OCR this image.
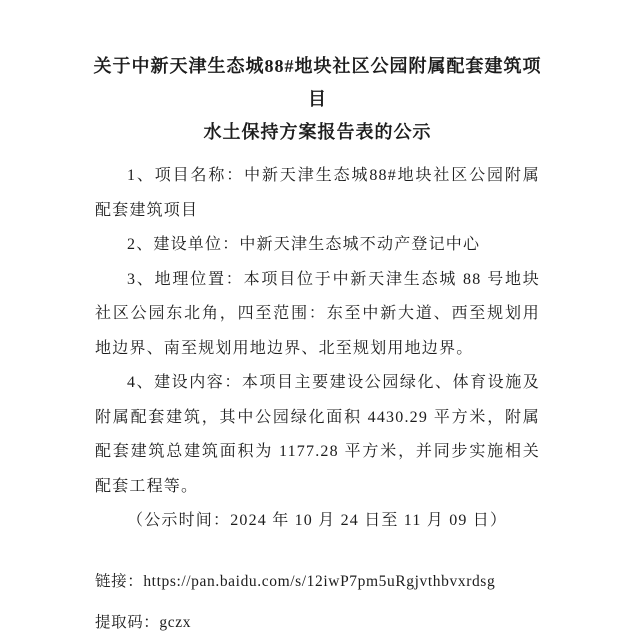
关于中新天津生态城88#地块社区公园附属配套建筑项目
水土保持方案报告表的公示

1、项目名称：中新天津生态城88#地块社区公园附属配套建筑项目

2、建设单位：中新天津生态城不动产登记中心

3、地理位置：本项目位于中新天津生态城 88 号地块社区公园东北角，四至范围：东至中新大道、西至规划用地边界、南至规划用地边界、北至规划用地边界。

4、建设内容：本项目主要建设公园绿化、体育设施及附属配套建筑，其中公园绿化面积 4430.29 平方米，附属配套建筑总建筑面积为 1177.28 平方米，并同步实施相关配套工程等。

（公示时间：2024 年 10 月 24 日至 11 月 09 日）

链接：https://pan.baidu.com/s/12iwP7pm5uRgjvthbvxrdsg

提取码：gczx
